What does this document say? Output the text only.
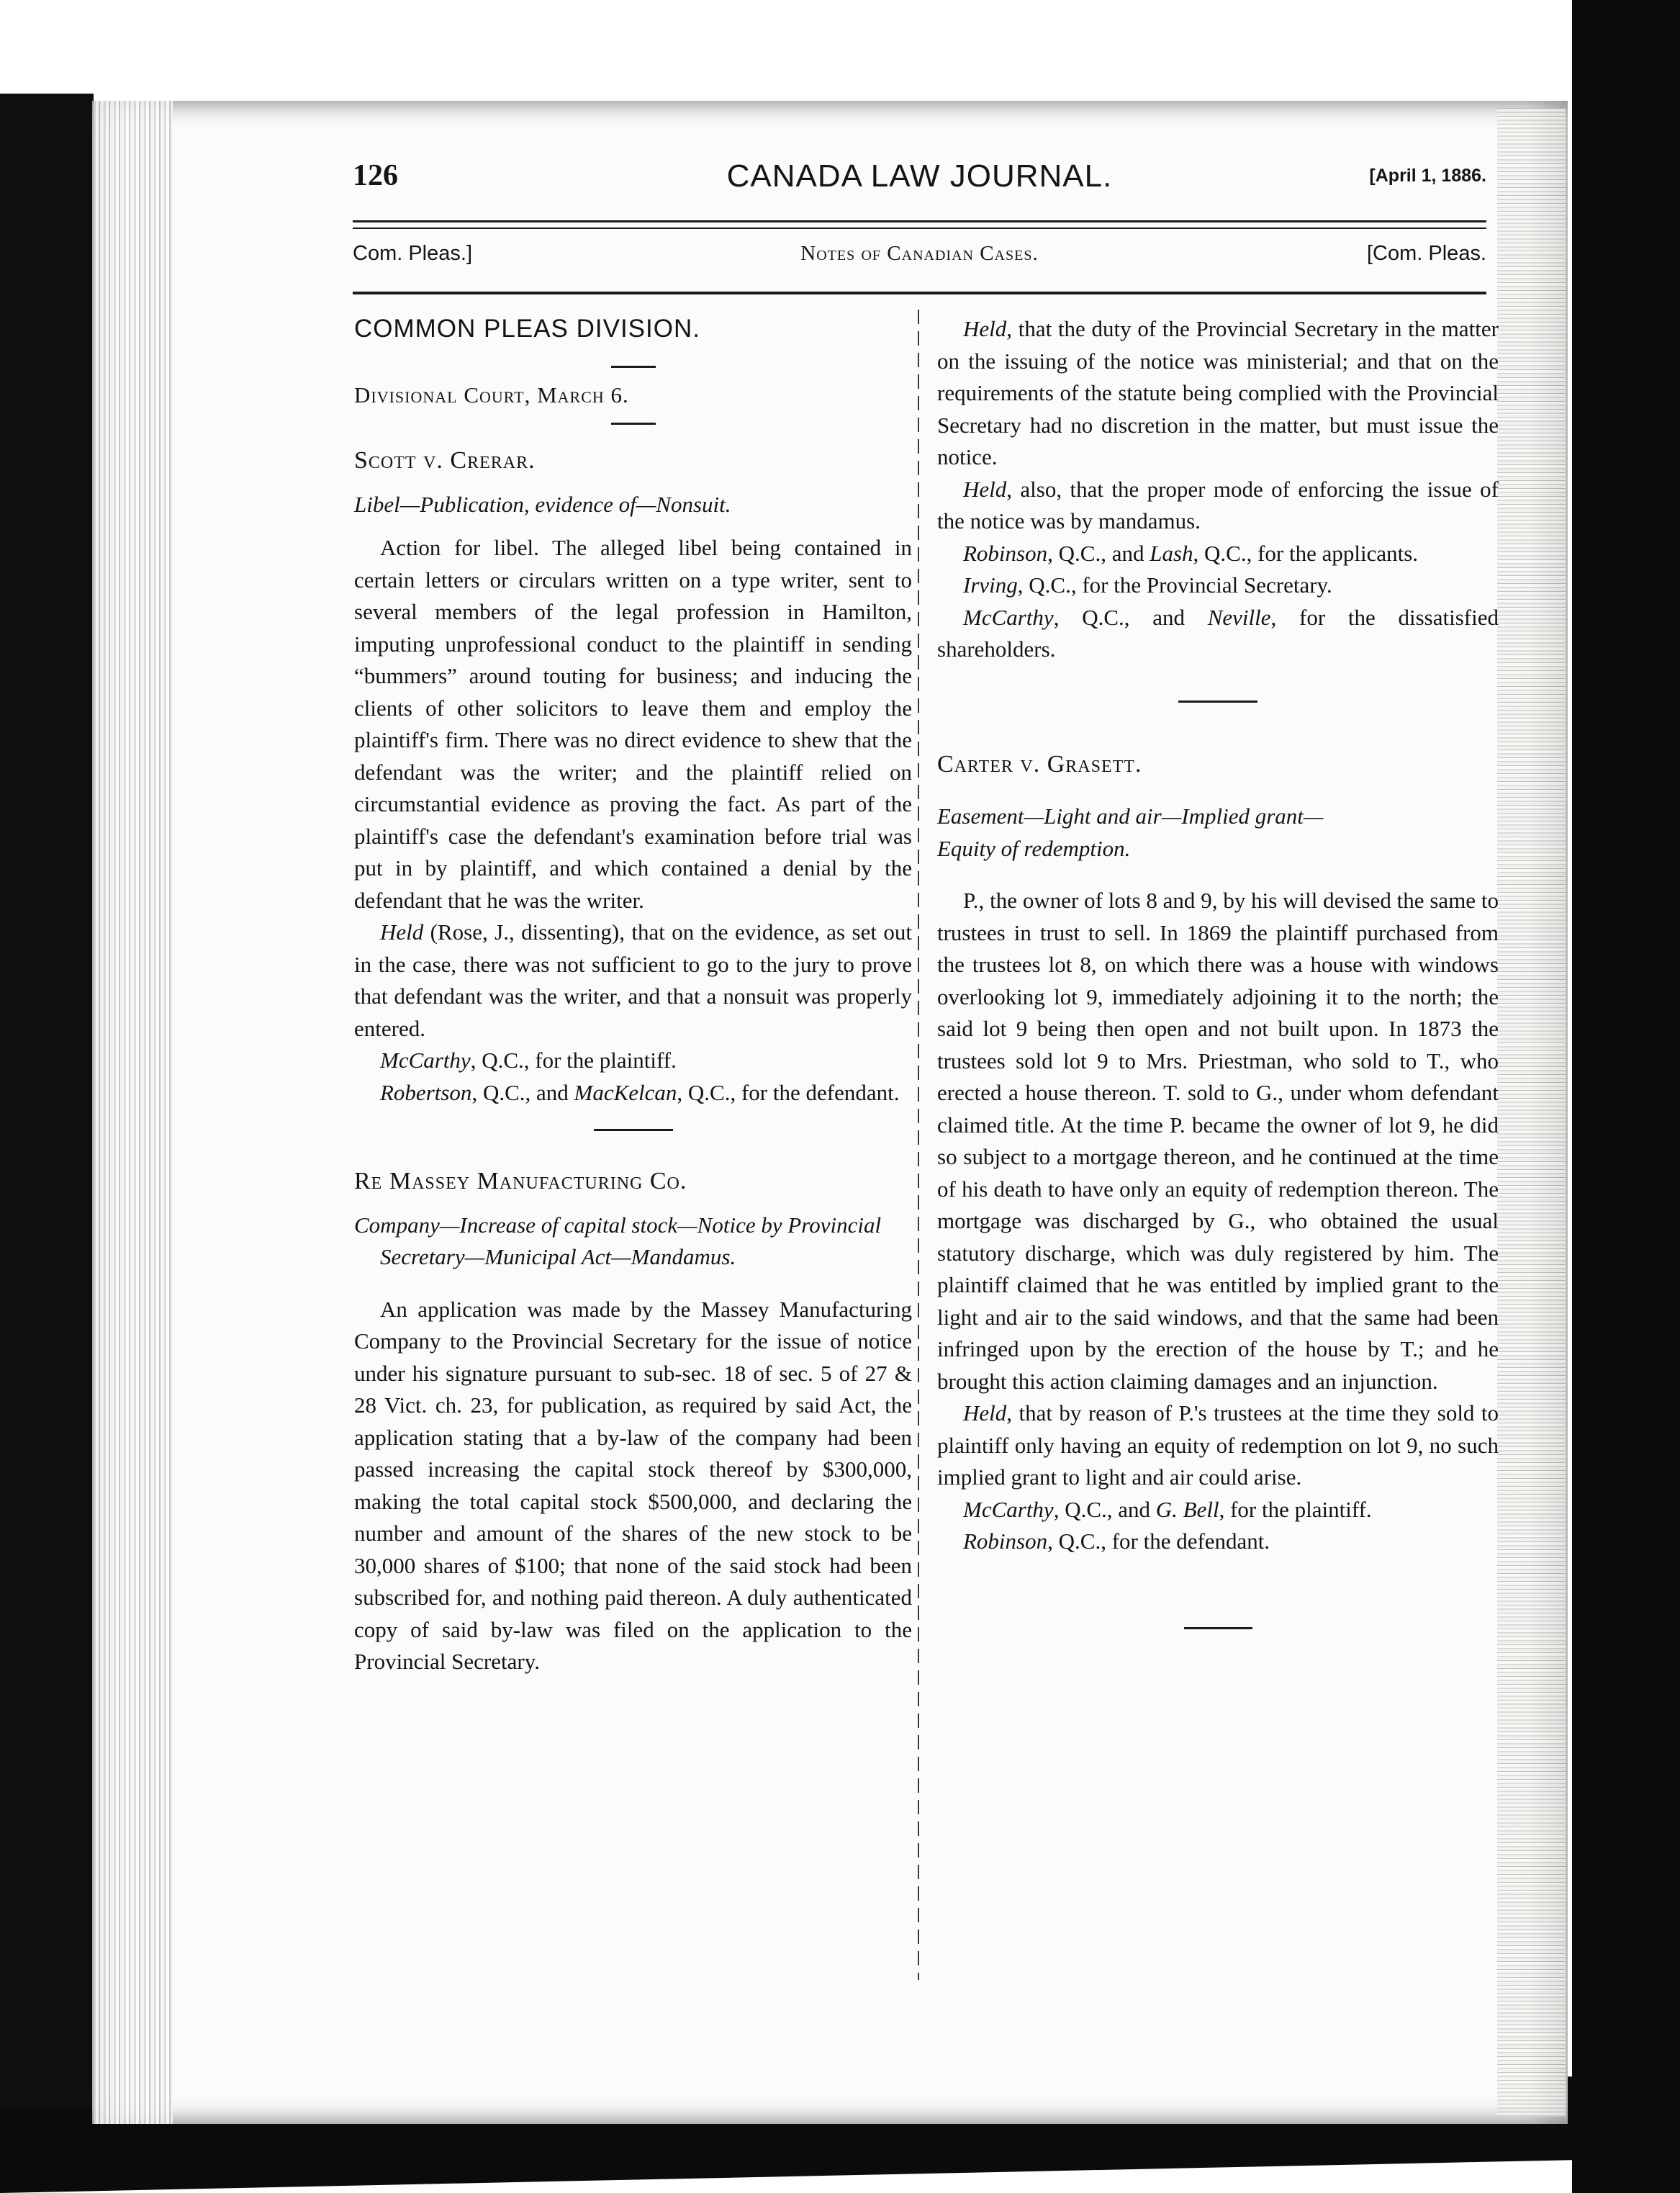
126	CANADA LAW JOURNAL.	[April 1, 1886.
Com. Pleas.]	Notes of Canadian Cases.	[Com. Pleas.

COMMON PLEAS DIVISION.

Divisional Court, March 6.

Scott v. Crerar.

Libel—Publication, evidence of—Nonsuit.

Action for libel. The alleged libel being contained in certain letters or circulars written on a type writer, sent to several members of the legal profession in Hamilton, imputing unprofessional conduct to the plaintiff in sending “bummers” around touting for business; and inducing the clients of other solicitors to leave them and employ the plaintiff's firm. There was no direct evidence to shew that the defendant was the writer; and the plaintiff relied on circumstantial evidence as proving the fact. As part of the plaintiff's case the defendant's examination before trial was put in by plaintiff, and which contained a denial by the defendant that he was the writer.

Held (Rose, J., dissenting), that on the evidence, as set out in the case, there was not sufficient to go to the jury to prove that defendant was the writer, and that a nonsuit was properly entered.

McCarthy, Q.C., for the plaintiff.

Robertson, Q.C., and MacKelcan, Q.C., for the defendant.

Re Massey Manufacturing Co.

Company—Increase of capital stock—Notice by Provincial Secretary—Municipal Act—Mandamus.

An application was made by the Massey Manufacturing Company to the Provincial Secretary for the issue of notice under his signature pursuant to sub-sec. 18 of sec. 5 of 27 & 28 Vict. ch. 23, for publication, as required by said Act, the application stating that a by-law of the company had been passed increasing the capital stock thereof by $300,000, making the total capital stock $500,000, and declaring the number and amount of the shares of the new stock to be 30,000 shares of $100; that none of the said stock had been subscribed for, and nothing paid thereon. A duly authenticated copy of said by-law was filed on the application to the Provincial Secretary.

Held, that the duty of the Provincial Secretary in the matter on the issuing of the notice was ministerial; and that on the requirements of the statute being complied with the Provincial Secretary had no discretion in the matter, but must issue the notice.

Held, also, that the proper mode of enforcing the issue of the notice was by mandamus.

Robinson, Q.C., and Lash, Q.C., for the applicants.

Irving, Q.C., for the Provincial Secretary.

McCarthy, Q.C., and Neville, for the dissatisfied shareholders.

Carter v. Grasett.

Easement—Light and air—Implied grant—

Equity of redemption.

P., the owner of lots 8 and 9, by his will devised the same to trustees in trust to sell. In 1869 the plaintiff purchased from the trustees lot 8, on which there was a house with windows overlooking lot 9, immediately adjoining it to the north; the said lot 9 being then open and not built upon. In 1873 the trustees sold lot 9 to Mrs. Priestman, who sold to T., who erected a house thereon. T. sold to G., under whom defendant claimed title. At the time P. became the owner of lot 9, he did so subject to a mortgage thereon, and he continued at the time of his death to have only an equity of redemption thereon. The mortgage was discharged by G., who obtained the usual statutory discharge, which was duly registered by him. The plaintiff claimed that he was entitled by implied grant to the light and air to the said windows, and that the same had been infringed upon by the erection of the house by T.; and he brought this action claiming damages and an injunction.

Held, that by reason of P.'s trustees at the time they sold to plaintiff only having an equity of redemption on lot 9, no such implied grant to light and air could arise.

McCarthy, Q.C., and G. Bell, for the plaintiff.

Robinson, Q.C., for the defendant.
